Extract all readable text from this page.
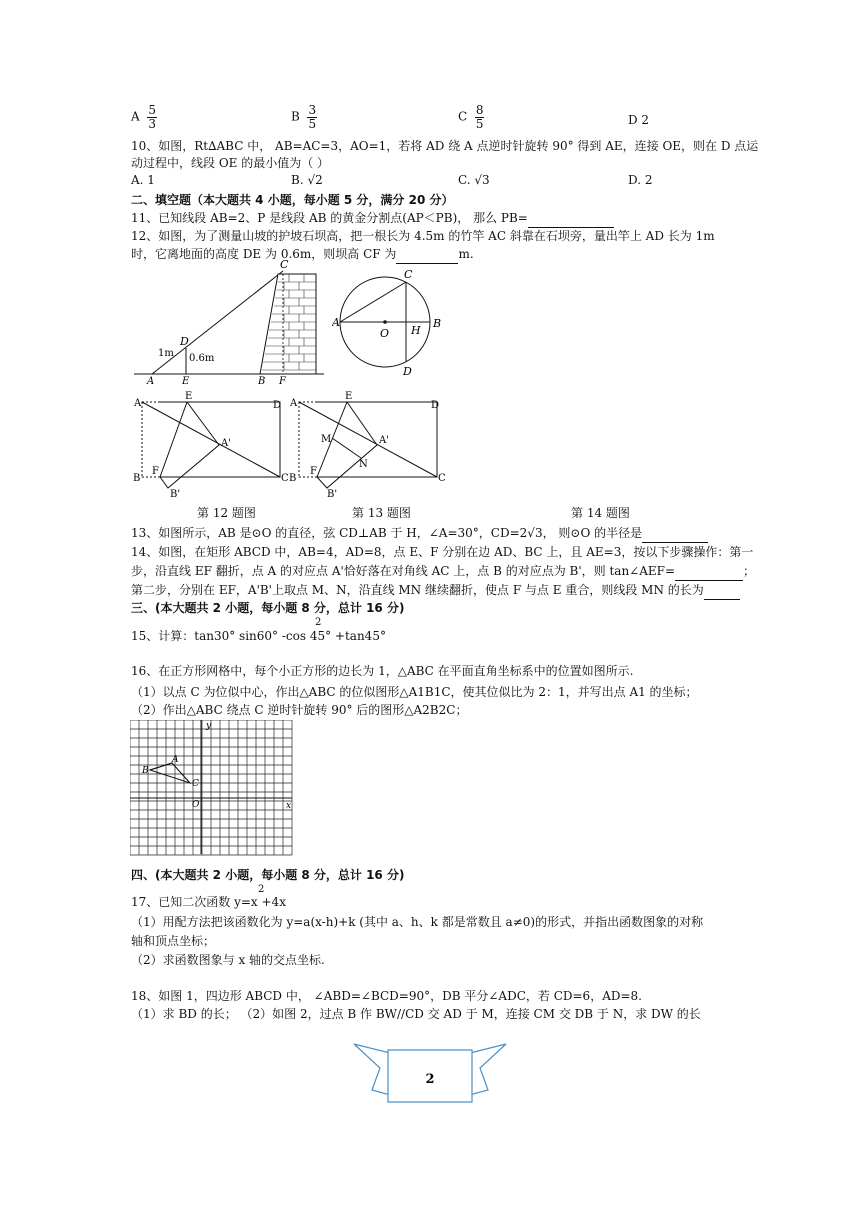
A $\frac{5}{3}$	B $\frac{3}{5}$	C $\frac{8}{5}$	D 2
10、如图，Rt∆ABC 中， AB=AC=3，AO=1，若将 AD 绕 A 点逆时针旋转 90° 得到 AE，连接 OE，则在 D 点运
动过程中，线段 OE 的最小值为（ ）
A. 1	B. √2	C. √3	D. 2
二、填空题（本大题共 4 小题，每小题 5 分，满分 20 分）
11、已知线段 AB=2、P 是线段 AB 的黄金分割点(AP＜PB)， 那么 PB=
12、如图，为了测量山坡的护坡石坝高，把一根长为 4.5m 的竹竿 AC 斜靠在石坝旁，量出竿上 AD 长为 1m
时，它离地面的高度 DE 为 0.6m，则坝高 CF 为	m.
C
D
A	E	B F
1m 0.6m
C
A
O H
B
D
A
E
D
A'
F
B	C
B'
A
E
D
M	A'
N
F
B	C
B'
第 12 题图	第 13 题图	第 14 题图
13、如图所示，AB 是⊙O 的直径，弦 CD⊥AB 于 H，∠A=30°，CD=2√3， 则⊙O 的半径是
14、如图，在矩形 ABCD 中，AB=4，AD=8，点 E、F 分别在边 AD、BC 上，且 AE=3，按以下步骤操作：第一
步，沿直线 EF 翻折，点 A 的对应点 A'恰好落在对角线 AC 上，点 B 的对应点为 B'，则 tan∠AEF=	；
第二步，分别在 EF，A'B'上取点 M、N，沿直线 MN 继续翻折，使点 F 与点 E 重合，则线段 MN 的长为
三、(本大题共 2 小题，每小题 8 分，总计 16 分)
2
15、计算：tan30° sin60° -cos 45° +tan45°
16、在正方形网格中，每个小正方形的边长为 1，△ABC 在平面直角坐标系中的位置如图所示.
（1）以点 C 为位似中心，作出△ABC 的位似图形△A1B1C，使其位似比为 2：1，并写出点 A1 的坐标；
（2）作出△ABC 绕点 C 逆时针旋转 90° 后的图形△A2B2C；
y
x
A
B
C
O
四、(本大题共 2 小题，每小题 8 分，总计 16 分)
2
17、已知二次函数 y=x +4x
（1）用配方法把该函数化为 y=a(x-h)+k (其中 a、h、k 都是常数且 a≠0)的形式，并指出函数图象的对称
轴和顶点坐标；
（2）求函数图象与 x 轴的交点坐标.
18、如图 1，四边形 ABCD 中， ∠ABD=∠BCD=90°，DB 平分∠ADC，若 CD=6，AD=8.
（1）求 BD 的长； （2）如图 2，过点 B 作 BW//CD 交 AD 于 M，连接 CM 交 DB 于 N，求 DW 的长
2
